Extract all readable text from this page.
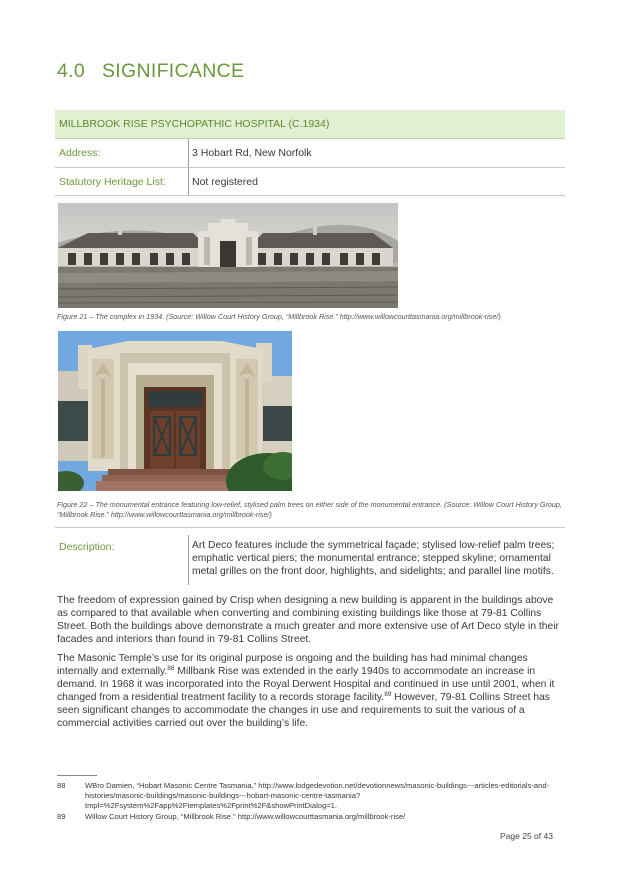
4.0 SIGNIFICANCE
MILLBROOK RISE PSYCHOPATHIC HOSPITAL (C.1934)
Address:	3 Hobart Rd, New Norfolk
Statutory Heritage List: Not registered
Figure 21 – The complex in 1934. (Source: Willow Court History Group, “Millbrook Rise.” http://www.willowcourttasmania.org/millbrook-rise/)
Figure 22 – The monumental entrance featuring low-relief, stylised palm trees on either side of the monumental entrance. (Source: Willow Court History Group, “Millbrook Rise.” http://www.willowcourttasmania.org/millbrook-rise/)
Description:	Art Deco features include the symmetrical façade; stylised low-relief palm trees; emphatic vertical piers; the monumental entrance; stepped skyline; ornamental metal grilles on the front door, highlights, and sidelights; and parallel line motifs.

The freedom of expression gained by Crisp when designing a new building is apparent in the buildings above as compared to that available when converting and combining existing buildings like those at 79-81 Collins Street. Both the buildings above demonstrate a much greater and more extensive use of Art Deco style in their facades and interiors than found in 79-81 Collins Street.

The Masonic Temple’s use for its original purpose is ongoing and the building has had minimal changes internally and externally.$^{88}$ Millbank Rise was extended in the early 1940s to accommodate an increase in demand. In 1968 it was incorporated into the Royal Derwent Hospital and continued in use until 2001, when it changed from a residential treatment facility to a records storage facility.$^{89}$ However, 79-81 Collins Street has seen significant changes to accommodate the changes in use and requirements to suit the various of a commercial activities carried out over the building’s life.

88	WBro Damien, “Hobart Masonic Centre Tasmania,” http://www.lodgedevotion.net/devotionnews/masonic-buildings---articles-editorials-and-histories/masonic-buildings/masonic-buildings---hobart-masonic-centre-tasmania?tmpl=%2Fsystem%2Fapp%2Ftemplates%2Fprint%2F&showPrintDialog=1.
89	Willow Court History Group, “Millbrook Rise.” http://www.willowcourttasmania.org/millbrook-rise/
Page 25 of 43
